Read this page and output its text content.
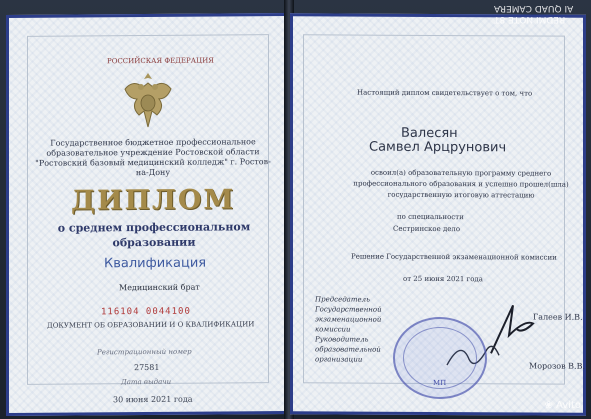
РОССИЙСКАЯ ФЕДЕРАЦИЯ
Государственное бюджетное профессиональное образовательное учреждение Ростовской области "Ростовский базовый медицинский колледж" г. Ростов-на-Дону
ДИПЛОМ
о среднем профессиональном образовании
Квалификация
Медицинский брат
116104 0044100
ДОКУМЕНТ ОБ ОБРАЗОВАНИИ И О КВАЛИФИКАЦИИ
Регистрационный номер
27581
Дата выдачи
30 июня 2021 года
Настоящий диплом свидетельствует о том, что
Валесян
Самвел Арцрунович
освоил(а) образовательную программу среднего профессионального образования и успешно прошел(шла) государственную итоговую аттестацию
по специальности
Сестринское дело
Решение Государственной экзаменационной комиссии
от 25 июня 2021 года
Председатель Государственной экзаменационной комиссии
Галеев И.В.
Руководитель образовательной организации
Морозов В.В.
МП
REDMI NOTE 8T
AI QUAD CAMERA
❀ Avito
